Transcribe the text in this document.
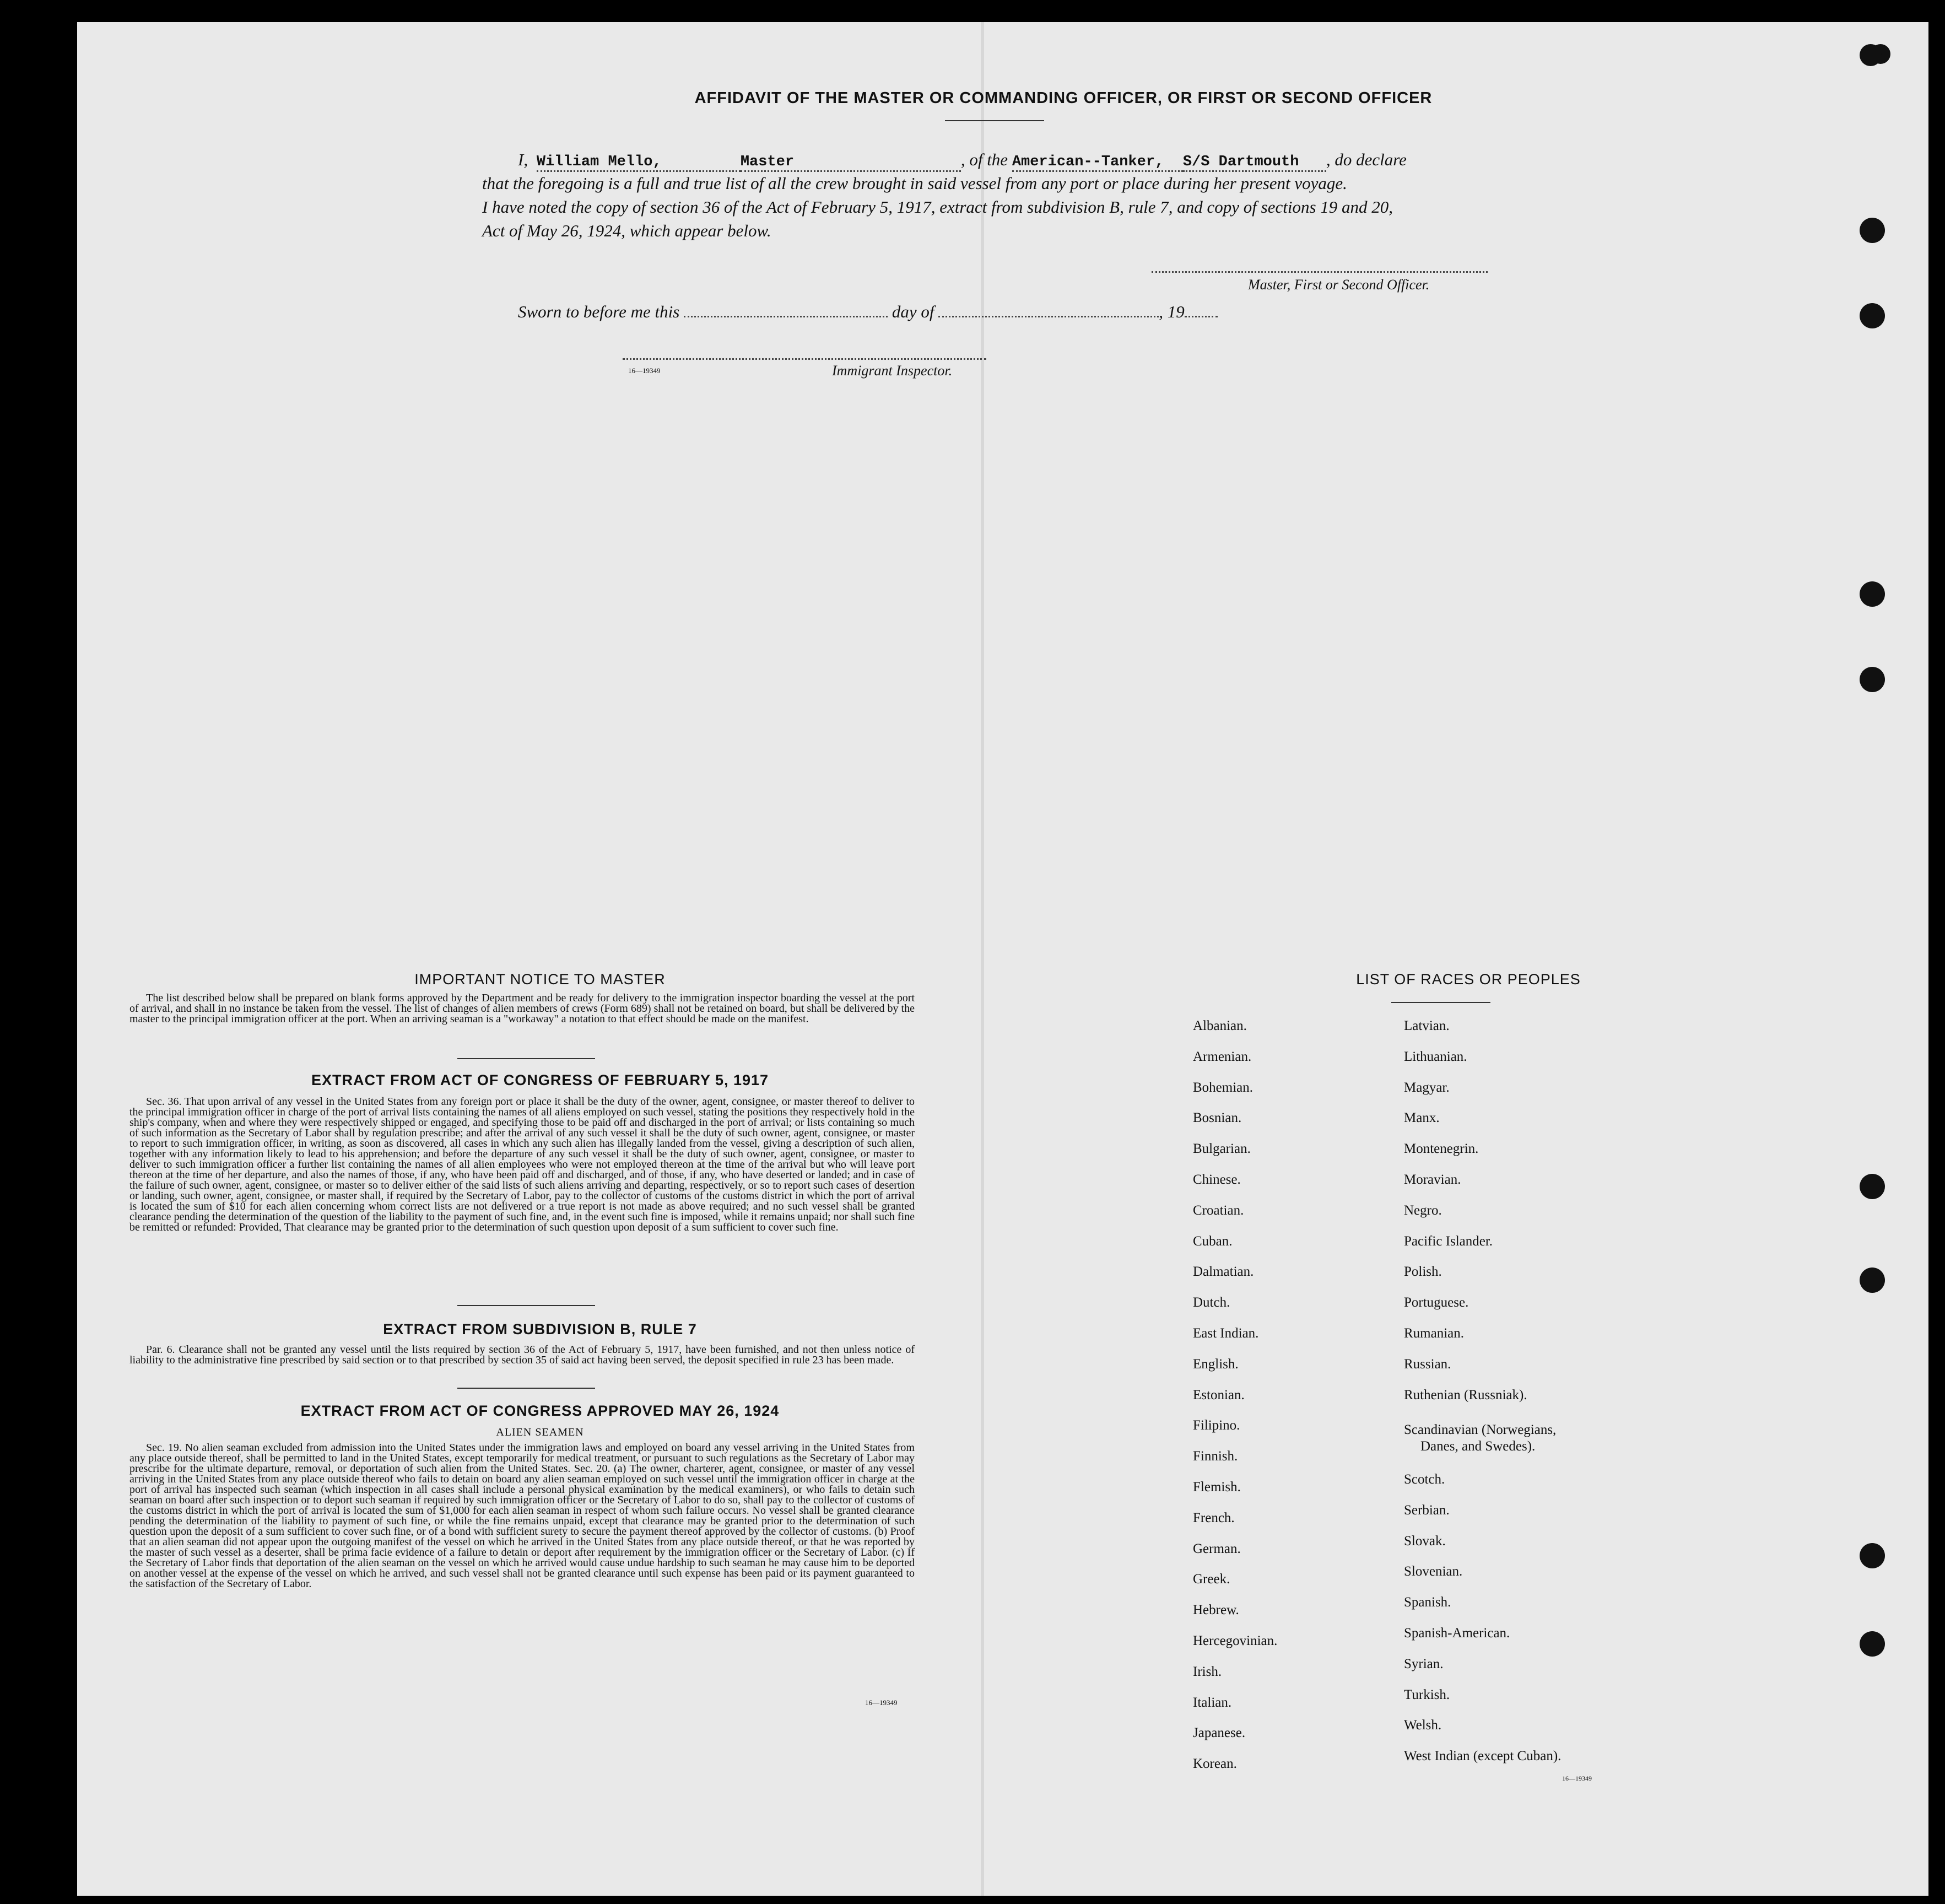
AFFIDAVIT OF THE MASTER OR COMMANDING OFFICER, OR FIRST OR SECOND OFFICER
I, William Mello,	Master	, of the American--Tanker, S/S Dartmouth , do declare
that the foregoing is a full and true list of all the crew brought in said vessel from any port or place during her present voyage.
I have noted the copy of section 36 of the Act of February 5, 1917, extract from subdivision B, rule 7, and copy of sections 19 and 20,
Act of May 26, 1924, which appear below.
Master, First or Second Officer.
Sworn to before me this	day of	, 19
16—19349	Immigrant Inspector.
IMPORTANT NOTICE TO MASTER
The list described below shall be prepared on blank forms approved by the Department and be ready for delivery to the immigration inspector boarding the vessel at the port of arrival, and shall in no instance be taken from the vessel. The list of changes of alien members of crews (Form 689) shall not be retained on board, but shall be delivered by the master to the principal immigration officer at the port. When an arriving seaman is a "workaway" a notation to that effect should be made on the manifest.
EXTRACT FROM ACT OF CONGRESS OF FEBRUARY 5, 1917
Sec. 36. That upon arrival of any vessel in the United States from any foreign port or place it shall be the duty of the owner, agent, consignee, or master thereof to deliver to the principal immigration officer in charge of the port of arrival lists containing the names of all aliens employed on such vessel, stating the positions they respectively hold in the ship's company, when and where they were respectively shipped or engaged, and specifying those to be paid off and discharged in the port of arrival; or lists containing so much of such information as the Secretary of Labor shall by regulation prescribe; and after the arrival of any such vessel it shall be the duty of such owner, agent, consignee, or master to report to such immigration officer, in writing, as soon as discovered, all cases in which any such alien has illegally landed from the vessel, giving a description of such alien, together with any information likely to lead to his apprehension; and before the departure of any such vessel it shall be the duty of such owner, agent, consignee, or master to deliver to such immigration officer a further list containing the names of all alien employees who were not employed thereon at the time of the arrival but who will leave port thereon at the time of her departure, and also the names of those, if any, who have been paid off and discharged, and of those, if any, who have deserted or landed; and in case of the failure of such owner, agent, consignee, or master so to deliver either of the said lists of such aliens arriving and departing, respectively, or so to report such cases of desertion or landing, such owner, agent, consignee, or master shall, if required by the Secretary of Labor, pay to the collector of customs of the customs district in which the port of arrival is located the sum of $10 for each alien concerning whom correct lists are not delivered or a true report is not made as above required; and no such vessel shall be granted clearance pending the determination of the question of the liability to the payment of such fine, and, in the event such fine is imposed, while it remains unpaid; nor shall such fine be remitted or refunded: Provided, That clearance may be granted prior to the determination of such question upon deposit of a sum sufficient to cover such fine.
EXTRACT FROM SUBDIVISION B, RULE 7
Par. 6. Clearance shall not be granted any vessel until the lists required by section 36 of the Act of February 5, 1917, have been furnished, and not then unless notice of liability to the administrative fine prescribed by said section or to that prescribed by section 35 of said act having been served, the deposit specified in rule 23 has been made.
EXTRACT FROM ACT OF CONGRESS APPROVED MAY 26, 1924
ALIEN SEAMEN
Sec. 19. No alien seaman excluded from admission into the United States under the immigration laws and employed on board any vessel arriving in the United States from any place outside thereof, shall be permitted to land in the United States, except temporarily for medical treatment, or pursuant to such regulations as the Secretary of Labor may prescribe for the ultimate departure, removal, or deportation of such alien from the United States. Sec. 20. (a) The owner, charterer, agent, consignee, or master of any vessel arriving in the United States from any place outside thereof who fails to detain on board any alien seaman employed on such vessel until the immigration officer in charge at the port of arrival has inspected such seaman (which inspection in all cases shall include a personal physical examination by the medical examiners), or who fails to detain such seaman on board after such inspection or to deport such seaman if required by such immigration officer or the Secretary of Labor to do so, shall pay to the collector of customs of the customs district in which the port of arrival is located the sum of $1,000 for each alien seaman in respect of whom such failure occurs. No vessel shall be granted clearance pending the determination of the liability to payment of such fine, or while the fine remains unpaid, except that clearance may be granted prior to the determination of such question upon the deposit of a sum sufficient to cover such fine, or of a bond with sufficient surety to secure the payment thereof approved by the collector of customs. (b) Proof that an alien seaman did not appear upon the outgoing manifest of the vessel on which he arrived in the United States from any place outside thereof, or that he was reported by the master of such vessel as a deserter, shall be prima facie evidence of a failure to detain or deport after requirement by the immigration officer or the Secretary of Labor. (c) If the Secretary of Labor finds that deportation of the alien seaman on the vessel on which he arrived would cause undue hardship to such seaman he may cause him to be deported on another vessel at the expense of the vessel on which he arrived, and such vessel shall not be granted clearance until such expense has been paid or its payment guaranteed to the satisfaction of the Secretary of Labor.
16—19349
LIST OF RACES OR PEOPLES
Albanian.
Armenian.
Bohemian.
Bosnian.
Bulgarian.
Chinese.
Croatian.
Cuban.
Dalmatian.
Dutch.
East Indian.
English.
Estonian.
Filipino.
Finnish.
Flemish.
French.
German.
Greek.
Hebrew.
Hercegovinian.
Irish.
Italian.
Japanese.
Korean.
Latvian.
Lithuanian.
Magyar.
Manx.
Montenegrin.
Moravian.
Negro.
Pacific Islander.
Polish.
Portuguese.
Rumanian.
Russian.
Ruthenian (Russniak).
Scandinavian (Norwegians,
Danes, and Swedes).
Scotch.
Serbian.
Slovak.
Slovenian.
Spanish.
Spanish-American.
Syrian.
Turkish.
Welsh.
West Indian (except Cuban).
16—19349
